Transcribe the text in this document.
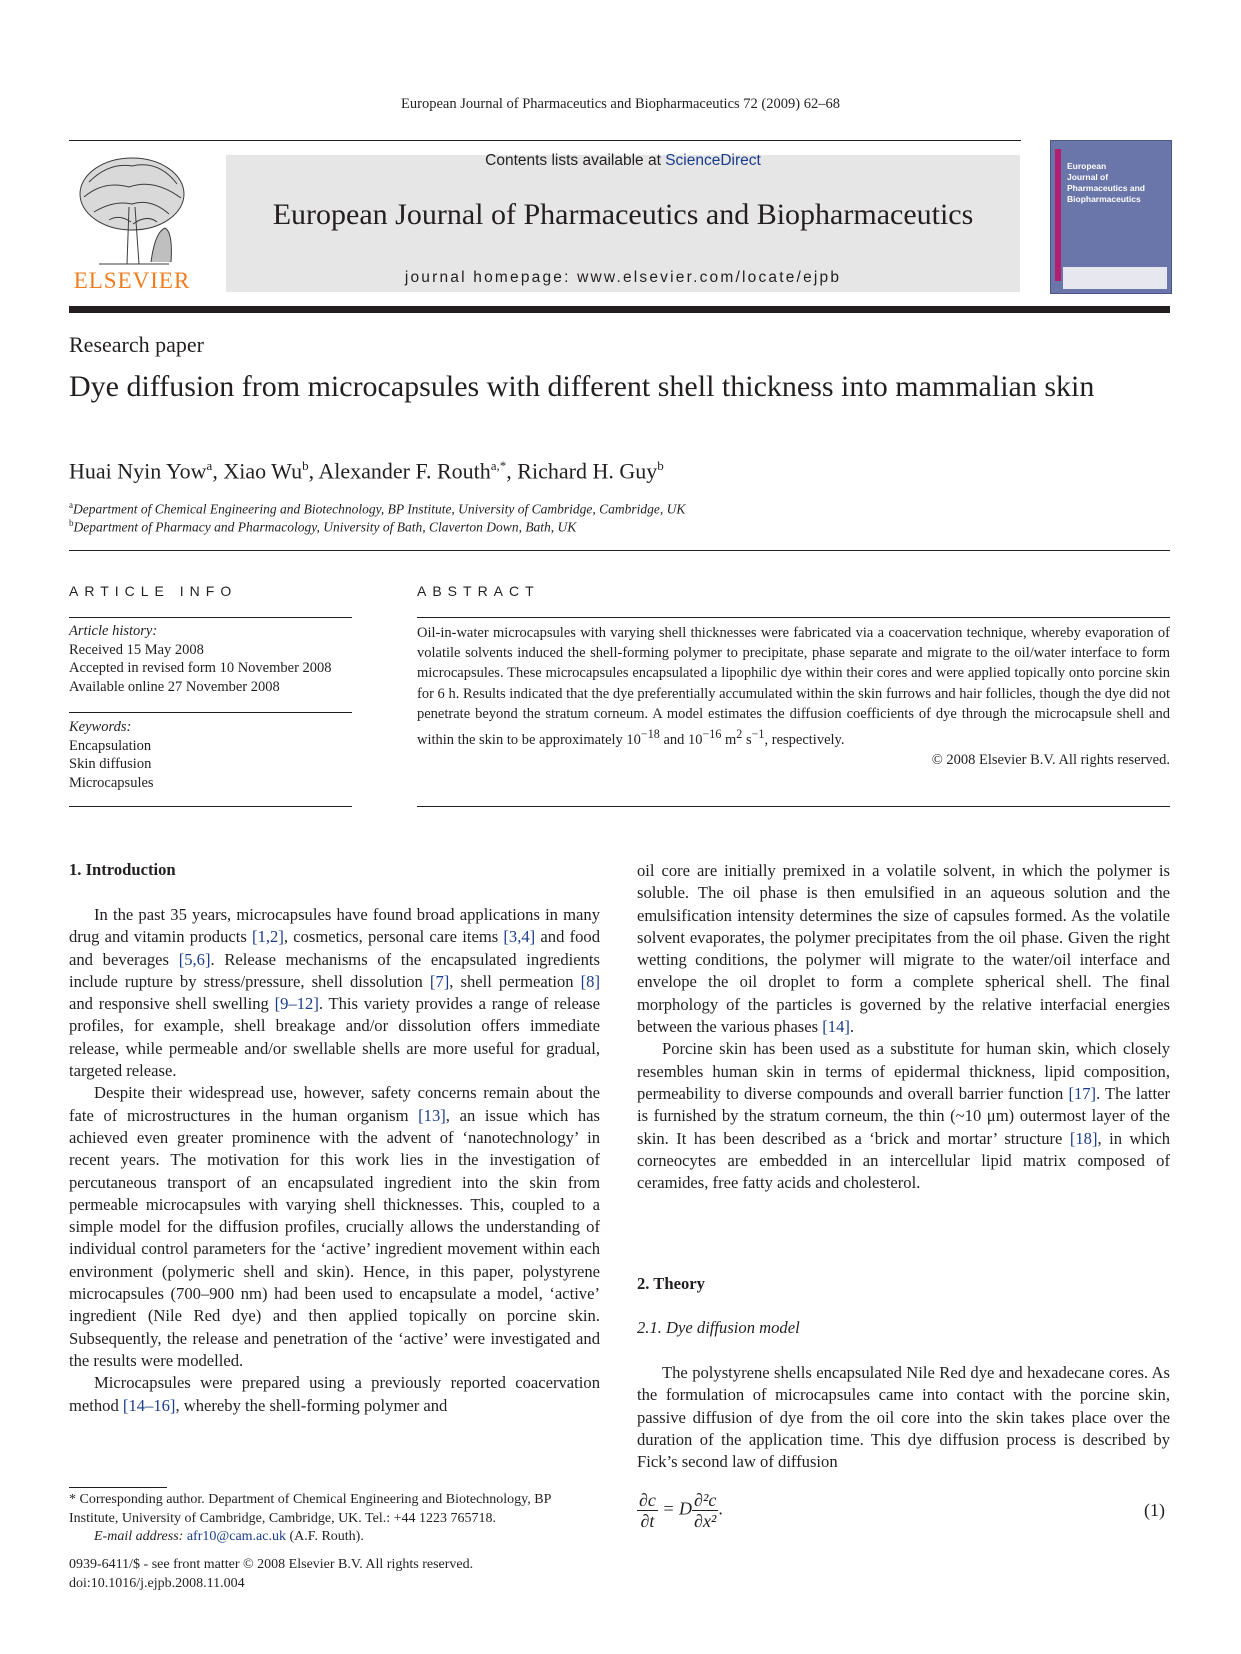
European Journal of Pharmaceutics and Biopharmaceutics 72 (2009) 62–68
ELSEVIER
Contents lists available at ScienceDirect
European Journal of Pharmaceutics and Biopharmaceutics
journal homepage: www.elsevier.com/locate/ejpb
European
Journal of
Pharmaceutics and
Biopharmaceutics
Research paper
Dye diffusion from microcapsules with different shell thickness into mammalian skin
Huai Nyin Yow$^a$, Xiao Wu$^b$, Alexander F. Routh$^{a,*}$, Richard H. Guy$^b$
$^a$Department of Chemical Engineering and Biotechnology, BP Institute, University of Cambridge, Cambridge, UK
$^b$Department of Pharmacy and Pharmacology, University of Bath, Claverton Down, Bath, UK
ARTICLE INFO
Article history:
Received 15 May 2008
Accepted in revised form 10 November 2008
Available online 27 November 2008
Keywords:
Encapsulation
Skin diffusion
Microcapsules
ABSTRACT
Oil-in-water microcapsules with varying shell thicknesses were fabricated via a coacervation technique, whereby evaporation of volatile solvents induced the shell-forming polymer to precipitate, phase separate and migrate to the oil/water interface to form microcapsules. These microcapsules encapsulated a lipophilic dye within their cores and were applied topically onto porcine skin for 6 h. Results indicated that the dye preferentially accumulated within the skin furrows and hair follicles, though the dye did not penetrate beyond the stratum corneum. A model estimates the diffusion coefficients of dye through the microcapsule shell and within the skin to be approximately $10^{-18}$ and $10^{-16}$ $m^2$ $s^{-1}$, respectively.
© 2008 Elsevier B.V. All rights reserved.
1. Introduction

In the past 35 years, microcapsules have found broad applications in many drug and vitamin products [1,2], cosmetics, personal care items [3,4] and food and beverages [5,6]. Release mechanisms of the encapsulated ingredients include rupture by stress/pressure, shell dissolution [7], shell permeation [8] and responsive shell swelling [9–12]. This variety provides a range of release profiles, for example, shell breakage and/or dissolution offers immediate release, while permeable and/or swellable shells are more useful for gradual, targeted release.

Despite their widespread use, however, safety concerns remain about the fate of microstructures in the human organism [13], an issue which has achieved even greater prominence with the advent of ‘nanotechnology’ in recent years. The motivation for this work lies in the investigation of percutaneous transport of an encapsulated ingredient into the skin from permeable microcapsules with varying shell thicknesses. This, coupled to a simple model for the diffusion profiles, crucially allows the understanding of individual control parameters for the ‘active’ ingredient movement within each environment (polymeric shell and skin). Hence, in this paper, polystyrene microcapsules (700–900 nm) had been used to encapsulate a model, ‘active’ ingredient (Nile Red dye) and then applied topically on porcine skin. Subsequently, the release and penetration of the ‘active’ were investigated and the results were modelled.

Microcapsules were prepared using a previously reported coacervation method [14–16], whereby the shell-forming polymer and

* Corresponding author. Department of Chemical Engineering and Biotechnology, BP Institute, University of Cambridge, Cambridge, UK. Tel.: +44 1223 765718.
E-mail address: afr10@cam.ac.uk (A.F. Routh).
0939-6411/$ - see front matter © 2008 Elsevier B.V. All rights reserved.
doi:10.1016/j.ejpb.2008.11.004

oil core are initially premixed in a volatile solvent, in which the polymer is soluble. The oil phase is then emulsified in an aqueous solution and the emulsification intensity determines the size of capsules formed. As the volatile solvent evaporates, the polymer precipitates from the oil phase. Given the right wetting conditions, the polymer will migrate to the water/oil interface and envelope the oil droplet to form a complete spherical shell. The final morphology of the particles is governed by the relative interfacial energies between the various phases [14].

Porcine skin has been used as a substitute for human skin, which closely resembles human skin in terms of epidermal thickness, lipid composition, permeability to diverse compounds and overall barrier function [17]. The latter is furnished by the stratum corneum, the thin (~10 μm) outermost layer of the skin. It has been described as a ‘brick and mortar’ structure [18], in which corneocytes are embedded in an intercellular lipid matrix composed of ceramides, free fatty acids and cholesterol.

2. Theory
2.1. Dye diffusion model

The polystyrene shells encapsulated Nile Red dye and hexadecane cores. As the formulation of microcapsules came into contact with the porcine skin, passive diffusion of dye from the oil core into the skin takes place over the duration of the application time. This dye diffusion process is described by Fick’s second law of diffusion

$\frac{\partial c}{\partial t} = D \frac{\text{∂²c}}{\text{∂x²}}$ .	(1)
